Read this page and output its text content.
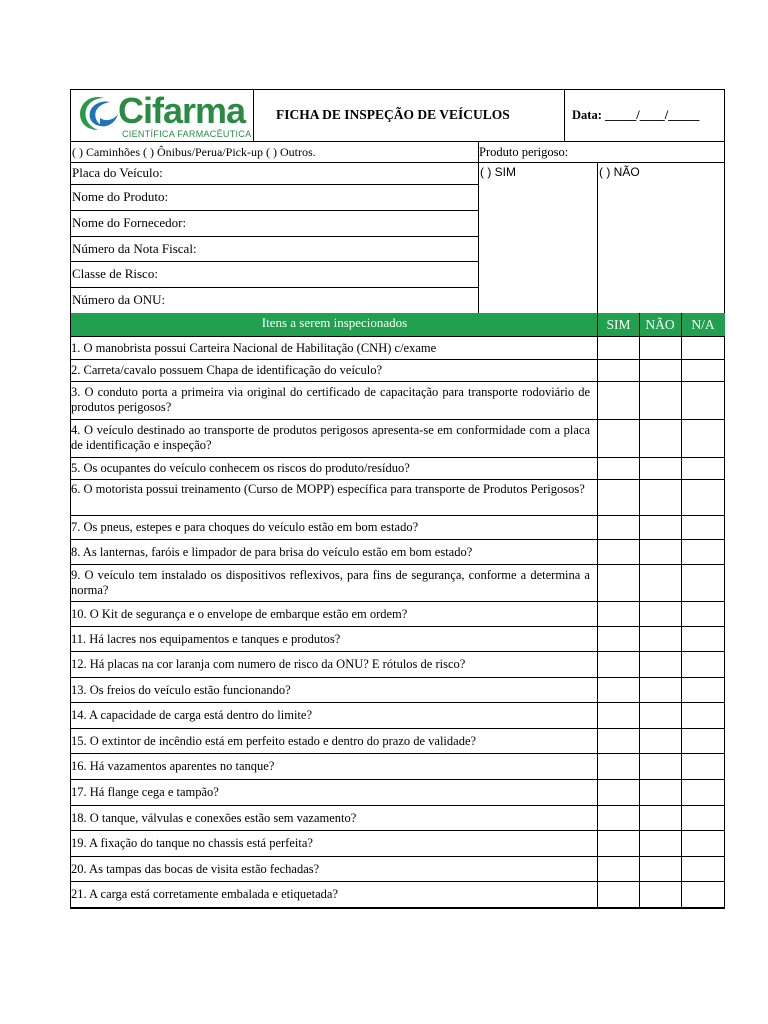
Cifarma
CIENTÍFICA FARMACÊUTICA
FICHA DE INSPEÇÃO DE VEÍCULOS	Data: _____/____/_____
( ) Caminhões ( ) Ônibus/Perua/Pick-up ( ) Outros.	Produto perigoso:
( ) SIM	( ) NÃO
Placa do Veículo:
Nome do Produto:
Nome do Fornecedor:
Número da Nota Fiscal:
Classe de Risco:
Número da ONU:
Itens a serem inspecionados	SIM	NÃO	N/A
1. O manobrista possui Carteira Nacional de Habilitação (CNH) c/exame
2. Carreta/cavalo possuem Chapa de identificação do veículo?
3. O conduto porta a primeira via original do certificado de capacitação para transporte rodoviário de produtos perigosos?
4. O veículo destinado ao transporte de produtos perigosos apresenta-se em conformidade com a placa de identificação e inspeção?
5. Os ocupantes do veículo conhecem os riscos do produto/resíduo?
6. O motorista possui treinamento (Curso de MOPP) específica para transporte de Produtos Perigosos?
7. Os pneus, estepes e para choques do veículo estão em bom estado?
8. As lanternas, faróis e limpador de para brisa do veículo estão em bom estado?
9. O veículo tem instalado os dispositivos reflexivos, para fins de segurança, conforme a determina a norma?
10. O Kit de segurança e o envelope de embarque estão em ordem?
11. Há lacres nos equipamentos e tanques e produtos?
12. Há placas na cor laranja com numero de risco da ONU? E rótulos de risco?
13. Os freios do veículo estão funcionando?
14. A capacidade de carga está dentro do limite?
15. O extintor de incêndio está em perfeito estado e dentro do prazo de validade?
16. Há vazamentos aparentes no tanque?
17. Há flange cega e tampão?
18. O tanque, válvulas e conexões estão sem vazamento?
19. A fixação do tanque no chassis está perfeita?
20. As tampas das bocas de visita estão fechadas?
21. A carga está corretamente embalada e etiquetada?
